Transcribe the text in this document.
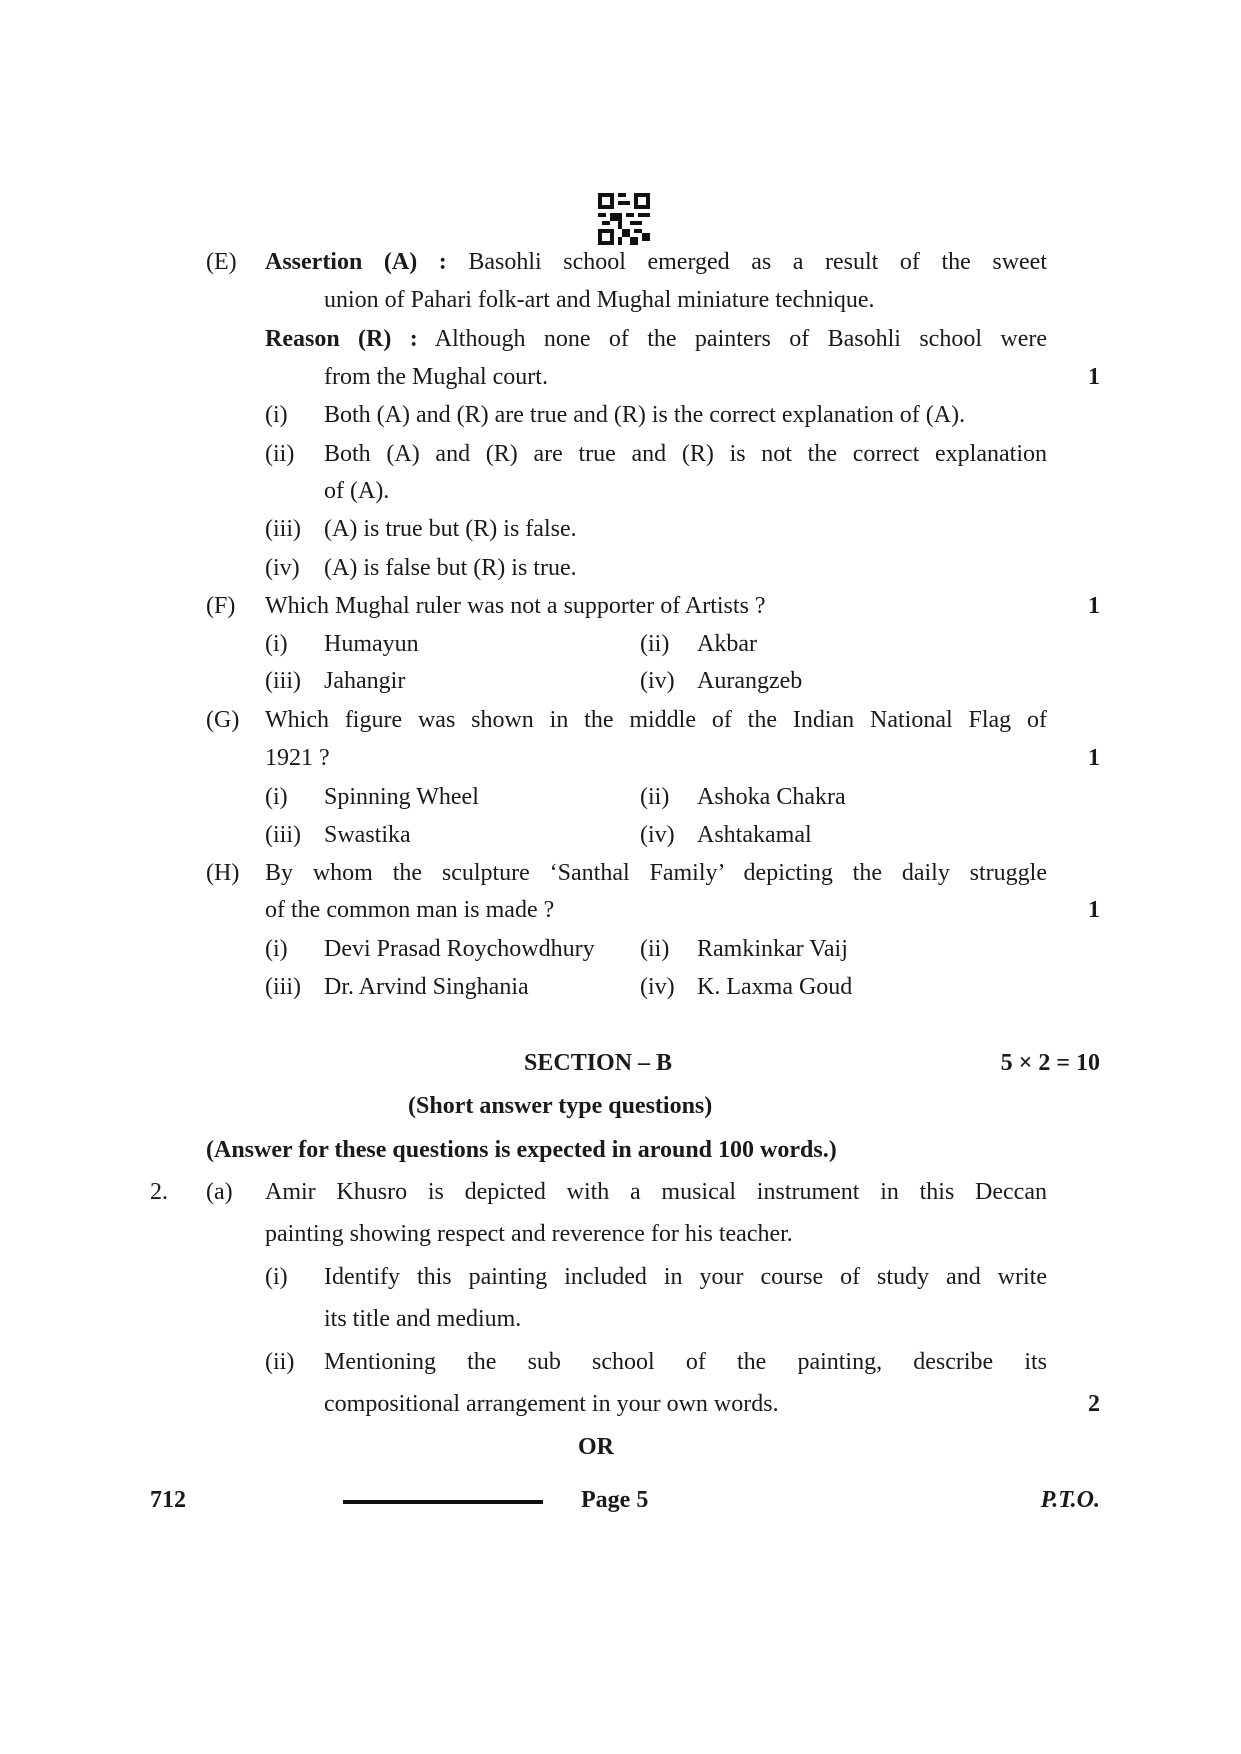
(E) Assertion (A) : Basohli school emerged as a result of the sweet
union of Pahari folk-art and Mughal miniature technique.
Reason (R) : Although none of the painters of Basohli school were
from the Mughal court.	1
(i) Both (A) and (R) are true and (R) is the correct explanation of (A).
(ii) Both (A) and (R) are true and (R) is not the correct explanation
of (A).
(iii) (A) is true but (R) is false.
(iv) (A) is false but (R) is true.
(F) Which Mughal ruler was not a supporter of Artists ?	1
(i) Humayun	(ii) Akbar
(iii) Jahangir	(iv) Aurangzeb
(G) Which figure was shown in the middle of the Indian National Flag of
1921 ?	1
(i) Spinning Wheel	(ii) Ashoka Chakra
(iii) Swastika	(iv) Ashtakamal
(H) By whom the sculpture ‘Santhal Family’ depicting the daily struggle
of the common man is made ?	1
(i) Devi Prasad Roychowdhury (ii) Ramkinkar Vaij
(iii) Dr. Arvind Singhania	(iv) K. Laxma Goud
SECTION – B	5 × 2 = 10
(Short answer type questions)
(Answer for these questions is expected in around 100 words.)
2. (a) Amir Khusro is depicted with a musical instrument in this Deccan
painting showing respect and reverence for his teacher.
(i) Identify this painting included in your course of study and write
its title and medium.
(ii) Mentioning the sub school of the painting, describe its
compositional arrangement in your own words.	2
OR
712	Page 5	P.T.O.
